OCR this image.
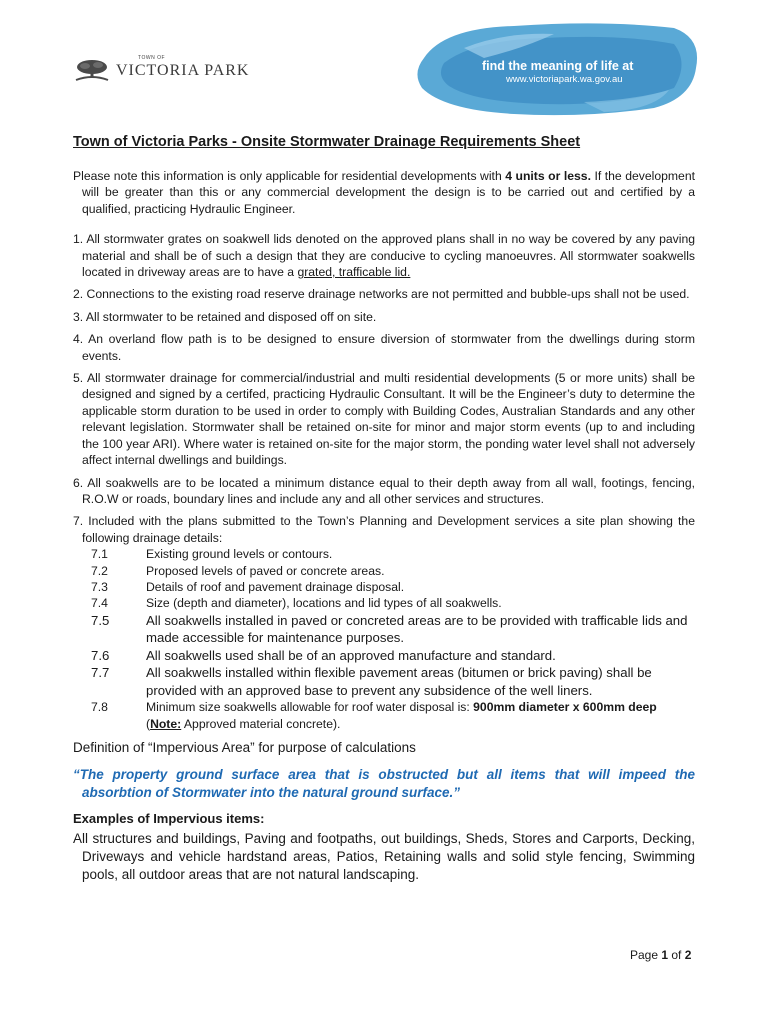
TOWN OF
VICTORIA PARK	find the meaning of life at
www.victoriapark.wa.gov.au
Town of Victoria Parks - Onsite Stormwater Drainage Requirements Sheet

Please note this information is only applicable for residential developments with 4 units or less. If the development will be greater than this or any commercial development the design is to be carried out and certified by a qualified, practicing Hydraulic Engineer.

1. All stormwater grates on soakwell lids denoted on the approved plans shall in no way be covered by any paving material and shall be of such a design that they are conducive to cycling manoeuvres. All stormwater soakwells located in driveway areas are to have a grated, trafficable lid.

2. Connections to the existing road reserve drainage networks are not permitted and bubble-ups shall not be used.

3. All stormwater to be retained and disposed off on site.

4. An overland flow path is to be designed to ensure diversion of stormwater from the dwellings during storm events.

5. All stormwater drainage for commercial/industrial and multi residential developments (5 or more units) shall be designed and signed by a certifed, practicing Hydraulic Consultant. It will be the Engineer’s duty to determine the applicable storm duration to be used in order to comply with Building Codes, Australian Standards and any other relevant legislation. Stormwater shall be retained on-site for minor and major storm events (up to and including the 100 year ARI). Where water is retained on-site for the major storm, the ponding water level shall not adversely affect internal dwellings and buildings.

6. All soakwells are to be located a minimum distance equal to their depth away from all wall, footings, fencing, R.O.W or roads, boundary lines and include any and all other services and structures.

7. Included with the plans submitted to the Town’s Planning and Development services a site plan showing the following drainage details:

7.1	Existing ground levels or contours.
7.2	Proposed levels of paved or concrete areas.
7.3	Details of roof and pavement drainage disposal.
7.4	Size (depth and diameter), locations and lid types of all soakwells.
7.5	All soakwells installed in paved or concreted areas are to be provided with trafficable lids and made accessible for maintenance purposes.
7.6	All soakwells used shall be of an approved manufacture and standard.
7.7	All soakwells installed within flexible pavement areas (bitumen or brick paving) shall be provided with an approved base to prevent any subsidence of the well liners.
7.8	Minimum size soakwells allowable for roof water disposal is: 900mm diameter x 600mm deep
(Note: Approved material concrete).

Definition of “Impervious Area” for purpose of calculations

“The property ground surface area that is obstructed but all items that will impeed the absorbtion of Stormwater into the natural ground surface.”

Examples of Impervious items:

All structures and buildings, Paving and footpaths, out buildings, Sheds, Stores and Carports, Decking, Driveways and vehicle hardstand areas, Patios, Retaining walls and solid style fencing, Swimming pools, all outdoor areas that are not natural landscaping.

Page 1 of 2
